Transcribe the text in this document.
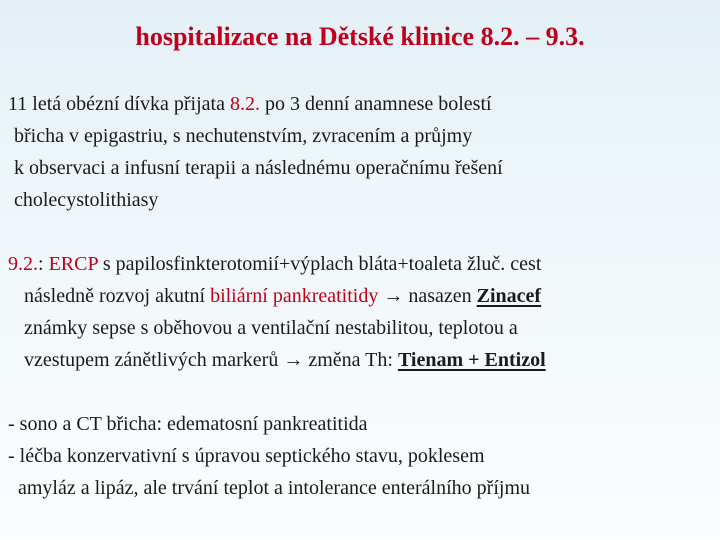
hospitalizace na Dětské klinice 8.2. – 9.3.
11 letá obézní dívka přijata 8.2. po 3 denní anamnese bolestí
břicha v epigastriu, s nechutenstvím, zvracením a průjmy
k observaci a infusní terapii a následnému operačnímu řešení
cholecystolithiasy
9.2.: ERCP s papilosfinkterotomií+výplach bláta+toaleta žluč. cest
následně rozvoj akutní biliární pankreatitidy → nasazen Zinacef
známky sepse s oběhovou a ventilační nestabilitou, teplotou a
vzestupem zánětlivých markerů → změna Th: Tienam + Entizol
- sono a CT břicha: edematosní pankreatitida
- léčba konzervativní s úpravou septického stavu, poklesem
amyláz a lipáz, ale trvání teplot a intolerance enterálního příjmu
